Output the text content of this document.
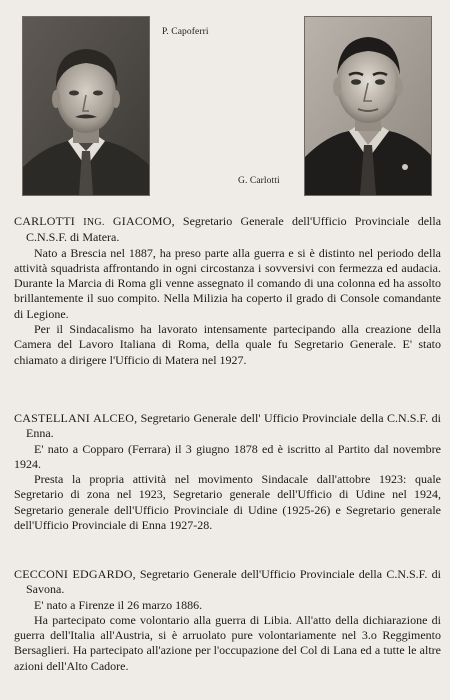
P. Capoferri
G. Carlotti

CARLOTTI ING. GIACOMO, Segretario Generale dell'Ufficio Provinciale della C.N.S.F. di Matera.

Nato a Brescia nel 1887, ha preso parte alla guerra e si è distinto nel periodo della attività squadrista affrontando in ogni circostanza i sovversivi con fermezza ed audacia. Durante la Marcia di Roma gli venne assegnato il comando di una colonna ed ha assolto brillantemente il suo compito. Nella Milizia ha coperto il grado di Console comandante di Legione.

Per il Sindacalismo ha lavorato intensamente partecipando alla creazione della Camera del Lavoro Italiana di Roma, della quale fu Segretario Generale. E' stato chiamato a dirigere l'Ufficio di Matera nel 1927.

CASTELLANI ALCEO, Segretario Generale dell' Ufficio Provinciale della C.N.S.F. di Enna.

E' nato a Copparo (Ferrara) il 3 giugno 1878 ed è iscritto al Partito dal novembre 1924.

Presta la propria attività nel movimento Sindacale dall'attobre 1923: quale Segretario di zona nel 1923, Segretario generale dell'Ufficio di Udine nel 1924, Segretario generale dell'Ufficio Provinciale di Udine (1925-26) e Segretario generale dell'Ufficio Provinciale di Enna 1927-28.

CECCONI EDGARDO, Segretario Generale dell'Ufficio Provinciale della C.N.S.F. di Savona.

E' nato a Firenze il 26 marzo 1886.

Ha partecipato come volontario alla guerra di Libia. All'atto della dichiarazione di guerra dell'Italia all'Austria, si è arruolato pure volontariamente nel 3.o Reggimento Bersaglieri. Ha partecipato all'azione per l'occupazione del Col di Lana ed a tutte le altre azioni dell'Alto Cadore.
